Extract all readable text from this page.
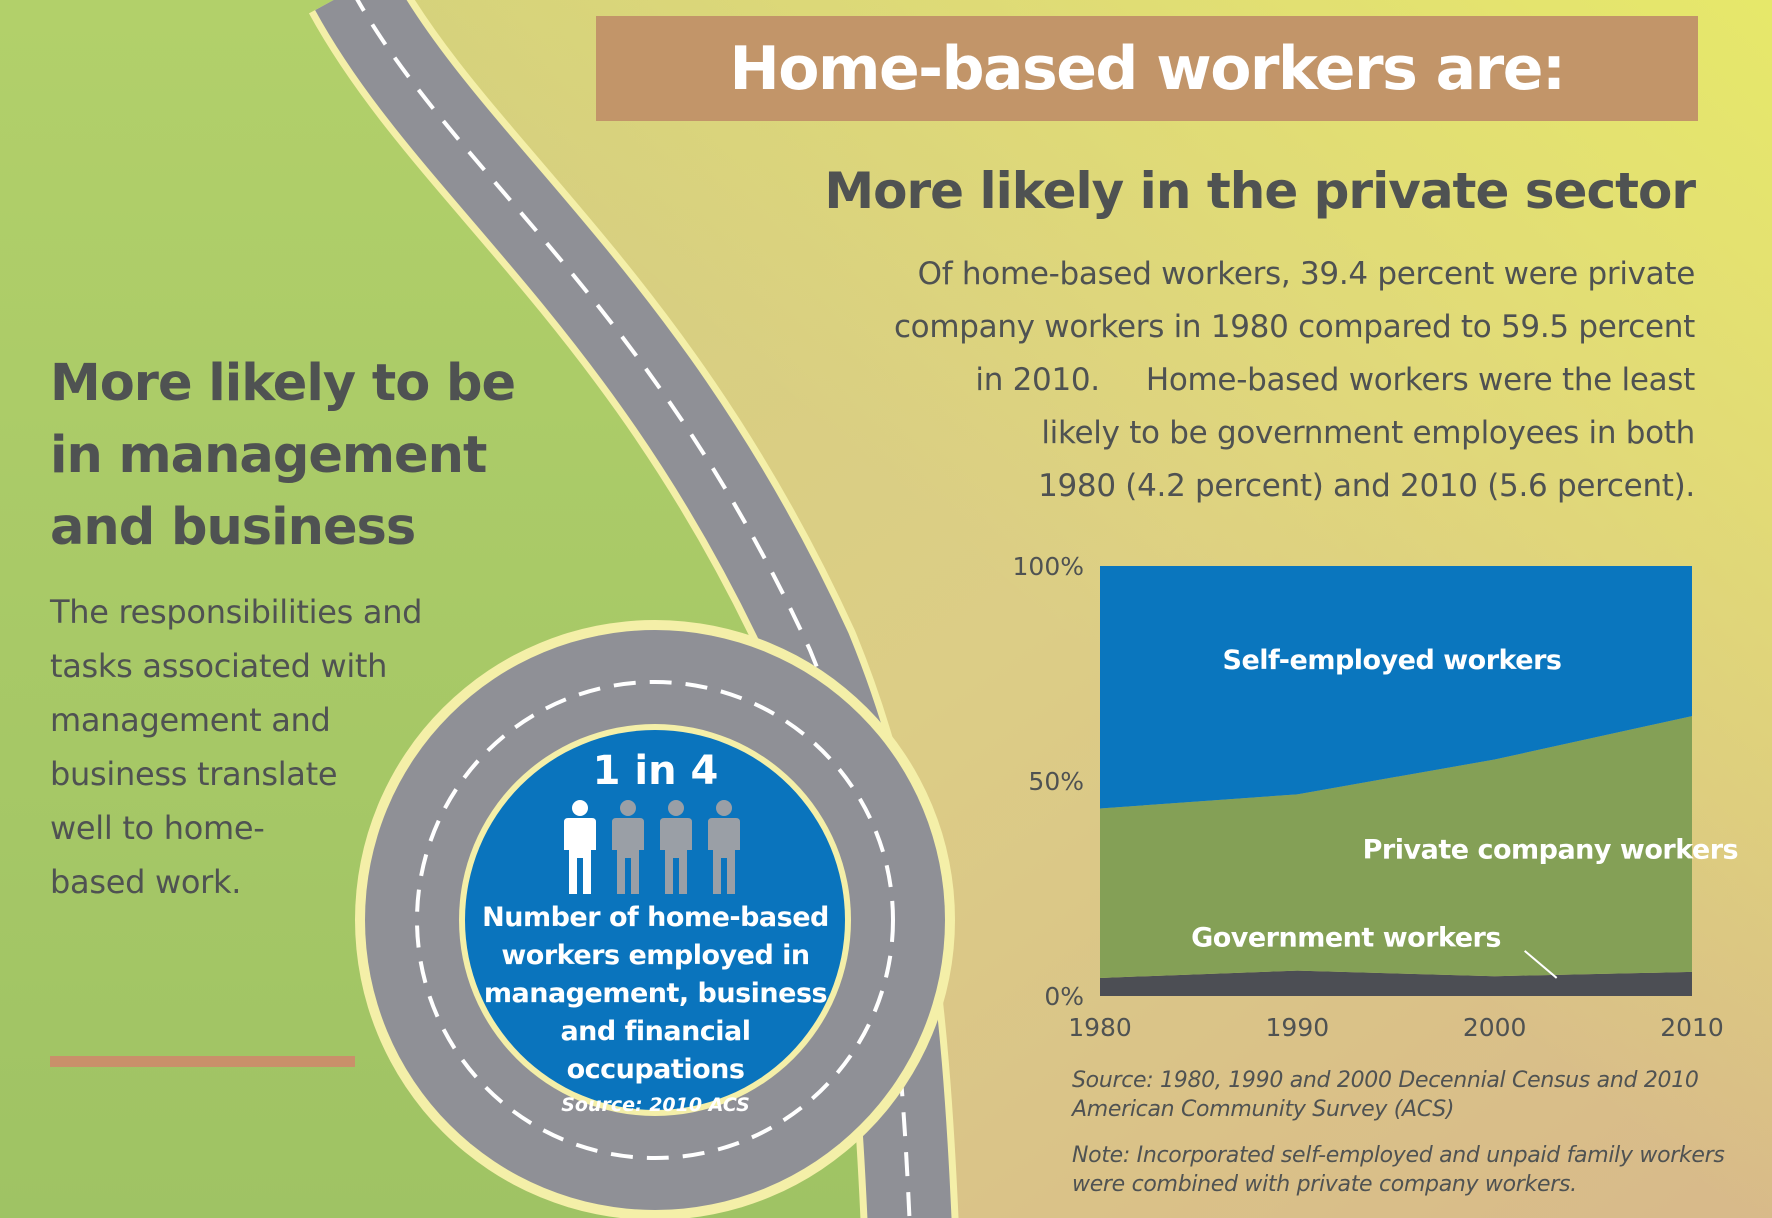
Home-based workers are:
More likely in the private sector
Of home-based workers, 39.4 percent were private
company workers in 1980 compared to 59.5 percent
in 2010. Home-based workers were the least
likely to be government employees in both
1980 (4.2 percent) and 2010 (5.6 percent).
More likely to be
in management
and business
The responsibilities and
tasks associated with
management and
business translate
well to home-
based work.
1 in 4
Number of home-based
workers employed in
management, business
and financial
occupations
Source: 2010 ACS
0%
50%
100%
1980	1990	2000	2010
Self-employed workers
Private company workers
Government workers
Source: 1980, 1990 and 2000 Decennial Census and 2010
American Community Survey (ACS)
Note: Incorporated self-employed and unpaid family workers
were combined with private company workers.
